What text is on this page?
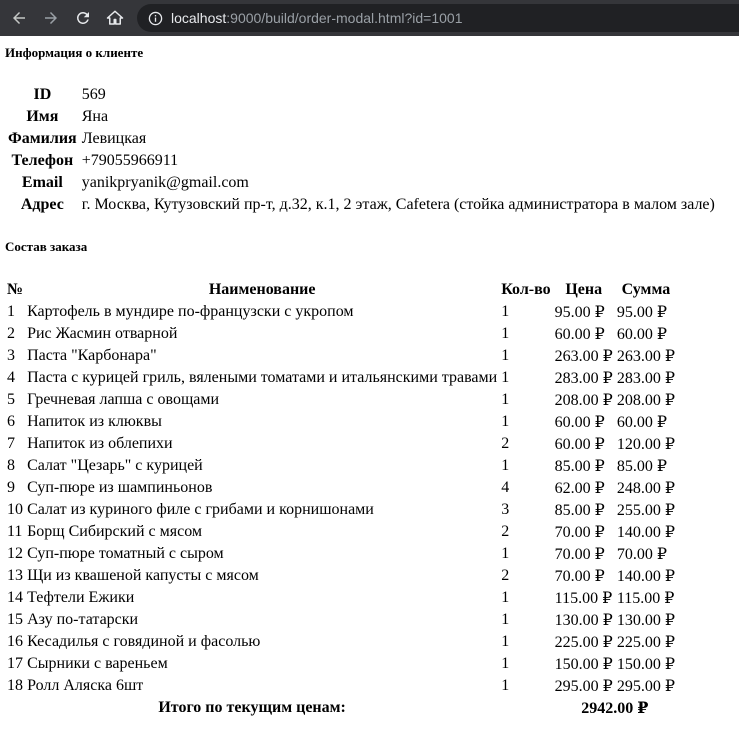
localhost:9000/build/order-modal.html?id=1001
Информация о клиенте
ID	569
Имя	Яна
Фамилия	Левицкая
Телефон	+79055966911
Email	yanikpryanik@gmail.com
Адрес	г. Москва, Кутузовский пр-т, д.32, к.1, 2 этаж, Cafetera (стойка администратора в малом зале)
Состав заказа
№	Наименование	Кол-во	Цена	Сумма
1	Картофель в мундире по-французски с укропом	1	95.00 ₽	95.00 ₽
2	Рис Жасмин отварной	1	60.00 ₽	60.00 ₽
3	Паста "Карбонара"	1	263.00 ₽	263.00 ₽
4	Паста с курицей гриль, вялеными томатами и итальянскими травами	1	283.00 ₽	283.00 ₽
5	Гречневая лапша с овощами	1	208.00 ₽	208.00 ₽
6	Напиток из клюквы	1	60.00 ₽	60.00 ₽
7	Напиток из облепихи	2	60.00 ₽	120.00 ₽
8	Салат "Цезарь" с курицей	1	85.00 ₽	85.00 ₽
9	Суп-пюре из шампиньонов	4	62.00 ₽	248.00 ₽
10	Салат из куриного филе с грибами и корнишонами	3	85.00 ₽	255.00 ₽
11	Борщ Сибирский с мясом	2	70.00 ₽	140.00 ₽
12	Суп-пюре томатный с сыром	1	70.00 ₽	70.00 ₽
13	Щи из квашеной капусты с мясом	2	70.00 ₽	140.00 ₽
14	Тефтели Ежики	1	115.00 ₽	115.00 ₽
15	Азу по-татарски	1	130.00 ₽	130.00 ₽
16	Кесадилья с говядиной и фасолью	1	225.00 ₽	225.00 ₽
17	Сырники с вареньем	1	150.00 ₽	150.00 ₽
18	Ролл Аляска 6шт	1	295.00 ₽	295.00 ₽
Итого по текущим ценам:			2942.00 ₽	
